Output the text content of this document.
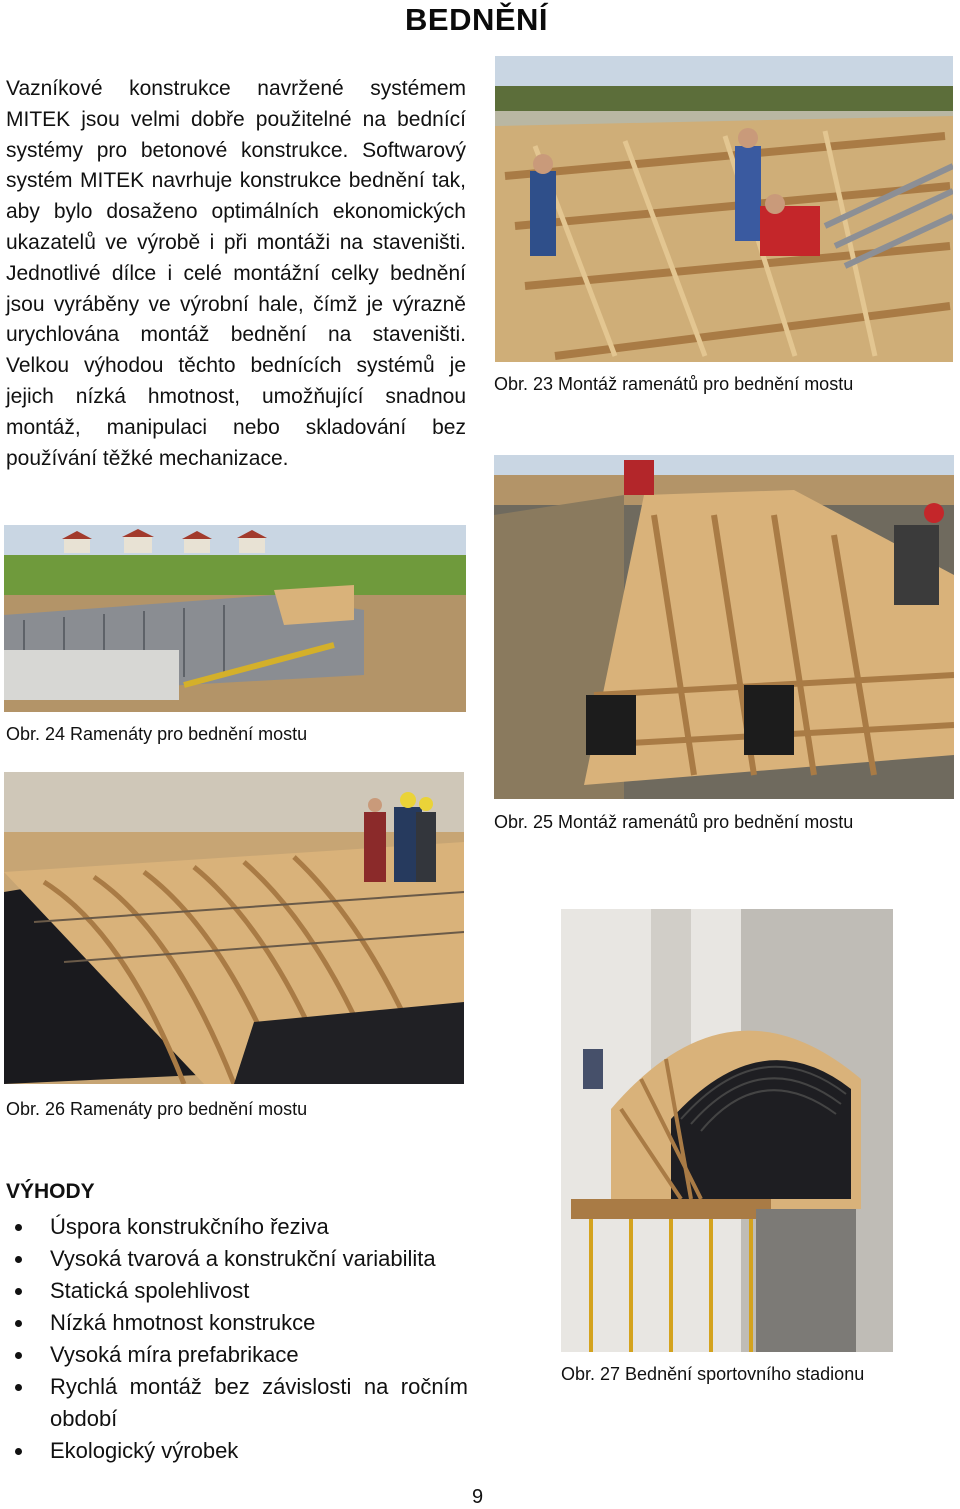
BEDNĚNÍ

Vazníkové konstrukce navržené systémem MITEK jsou velmi dobře použitelné na bednící systémy pro betonové konstrukce. Softwarový systém MITEK navrhuje konstrukce bednění tak, aby bylo dosaženo optimálních ekonomických ukazatelů ve výrobě i při montáži na staveništi. Jednotlivé dílce i celé montážní celky bednění jsou vyráběny ve výrobní hale, čímž je výrazně urychlována montáž bednění na staveništi. Velkou výhodou těchto bednících systémů je jejich nízká hmotnost, umožňující snadnou montáž, manipulaci nebo skladování bez používání těžké mechanizace.

Obr. 23 Montáž ramenátů pro bednění mostu
Obr. 25 Montáž ramenátů pro bednění mostu
Obr. 24 Ramenáty pro bednění mostu
Obr. 26 Ramenáty pro bednění mostu
Obr. 27 Bednění sportovního stadionu
VÝHODY
Úspora konstrukčního řeziva
Vysoká tvarová a konstrukční variabilita
Statická spolehlivost
Nízká hmotnost konstrukce
Vysoká míra prefabrikace
Rychlá montáž bez závislosti na ročním období
Ekologický výrobek
9
